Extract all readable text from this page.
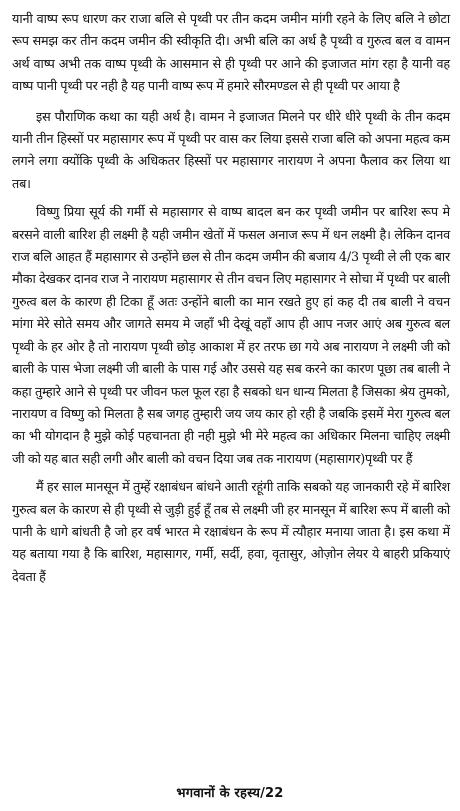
यानी वाष्प रूप धारण कर राजा बलि से पृथ्वी पर तीन कदम जमीन मांगी रहने के लिए बलि ने छोटा रूप समझ कर तीन कदम जमीन की स्वीकृति दी। अभी बलि का अर्थ है पृथ्वी व गुरुत्व बल व वामन अर्थ वाष्प अभी तक वाष्प पृथ्वी के आसमान से ही पृथ्वी पर आने की इजाजत मांग रहा है यानी वह वाष्प पानी पृथ्वी पर नही है यह पानी वाष्प रूप में हमारे सौरमण्डल से ही पृथ्वी पर आया है

इस पौराणिक कथा का यही अर्थ है। वामन ने इजाजत मिलने पर धीरे धीरे पृथ्वी के तीन कदम यानी तीन हिस्सों पर महासागर रूप में पृथ्वी पर वास कर लिया इससे राजा बलि को अपना महत्व कम लगने लगा क्योंकि पृथ्वी के अधिकतर हिस्सों पर महासागर नारायण ने अपना फैलाव कर लिया था तब।

विष्णु प्रिया सूर्य की गर्मी से महासागर से वाष्प बादल बन कर पृथ्वी जमीन पर बारिश रूप मे बरसने वाली बारिश ही लक्ष्मी है यही जमीन खेतों में फसल अनाज रूप में धन लक्ष्मी है। लेकिन दानव राज बलि आहत हैं महासागर से उन्होंने छल से तीन कदम जमीन की बजाय 4/3 पृथ्वी ले ली एक बार मौका देखकर दानव राज ने नारायण महासागर से तीन वचन लिए महासागर ने सोचा में पृथ्वी पर बाली गुरुत्व बल के कारण ही टिका हूँ अतः उन्होंने बाली का मान रखते हुए हां कह दी तब बाली ने वचन मांगा मेरे सोते समय और जागते समय मे जहाँ भी देखूं वहाँ आप ही आप नजर आएं अब गुरुत्व बल पृथ्वी के हर ओर है तो नारायण पृथ्वी छोड़ आकाश में हर तरफ छा गये अब नारायण ने लक्ष्मी जी को बाली के पास भेजा लक्ष्मी जी बाली के पास गई और उससे यह सब करने का कारण पूछा तब बाली ने कहा तुम्हारे आने से पृथ्वी पर जीवन फल फूल रहा है सबको धन धान्य मिलता है जिसका श्रेय तुमको, नारायण व विष्णु को मिलता है सब जगह तुम्हारी जय जय कार हो रही है जबकि इसमें मेरा गुरुत्व बल का भी योगदान है मुझे कोई पहचानता ही नही मुझे भी मेरे महत्व का अधिकार मिलना चाहिए लक्ष्मी जी को यह बात सही लगी और बाली को वचन दिया जब तक नारायण (महासागर)पृथ्वी पर हैं

मैं हर साल मानसून में तुम्हें रक्षाबंधन बांधने आती रहूंगी ताकि सबको यह जानकारी रहे में बारिश गुरुत्व बल के कारण से ही पृथ्वी से जुड़ी हुई हूँ तब से लक्ष्मी जी हर मानसून में बारिश रूप में बाली को पानी के धागे बांधती है जो हर वर्ष भारत मे रक्षाबंधन के रूप में त्यौहार मनाया जाता है। इस कथा में यह बताया गया है कि बारिश, महासागर, गर्मी, सर्दी, हवा, वृतासुर, ओज़ोन लेयर ये बाहरी प्रकियाएं देवता हैं

भगवानों के रहस्य/22
